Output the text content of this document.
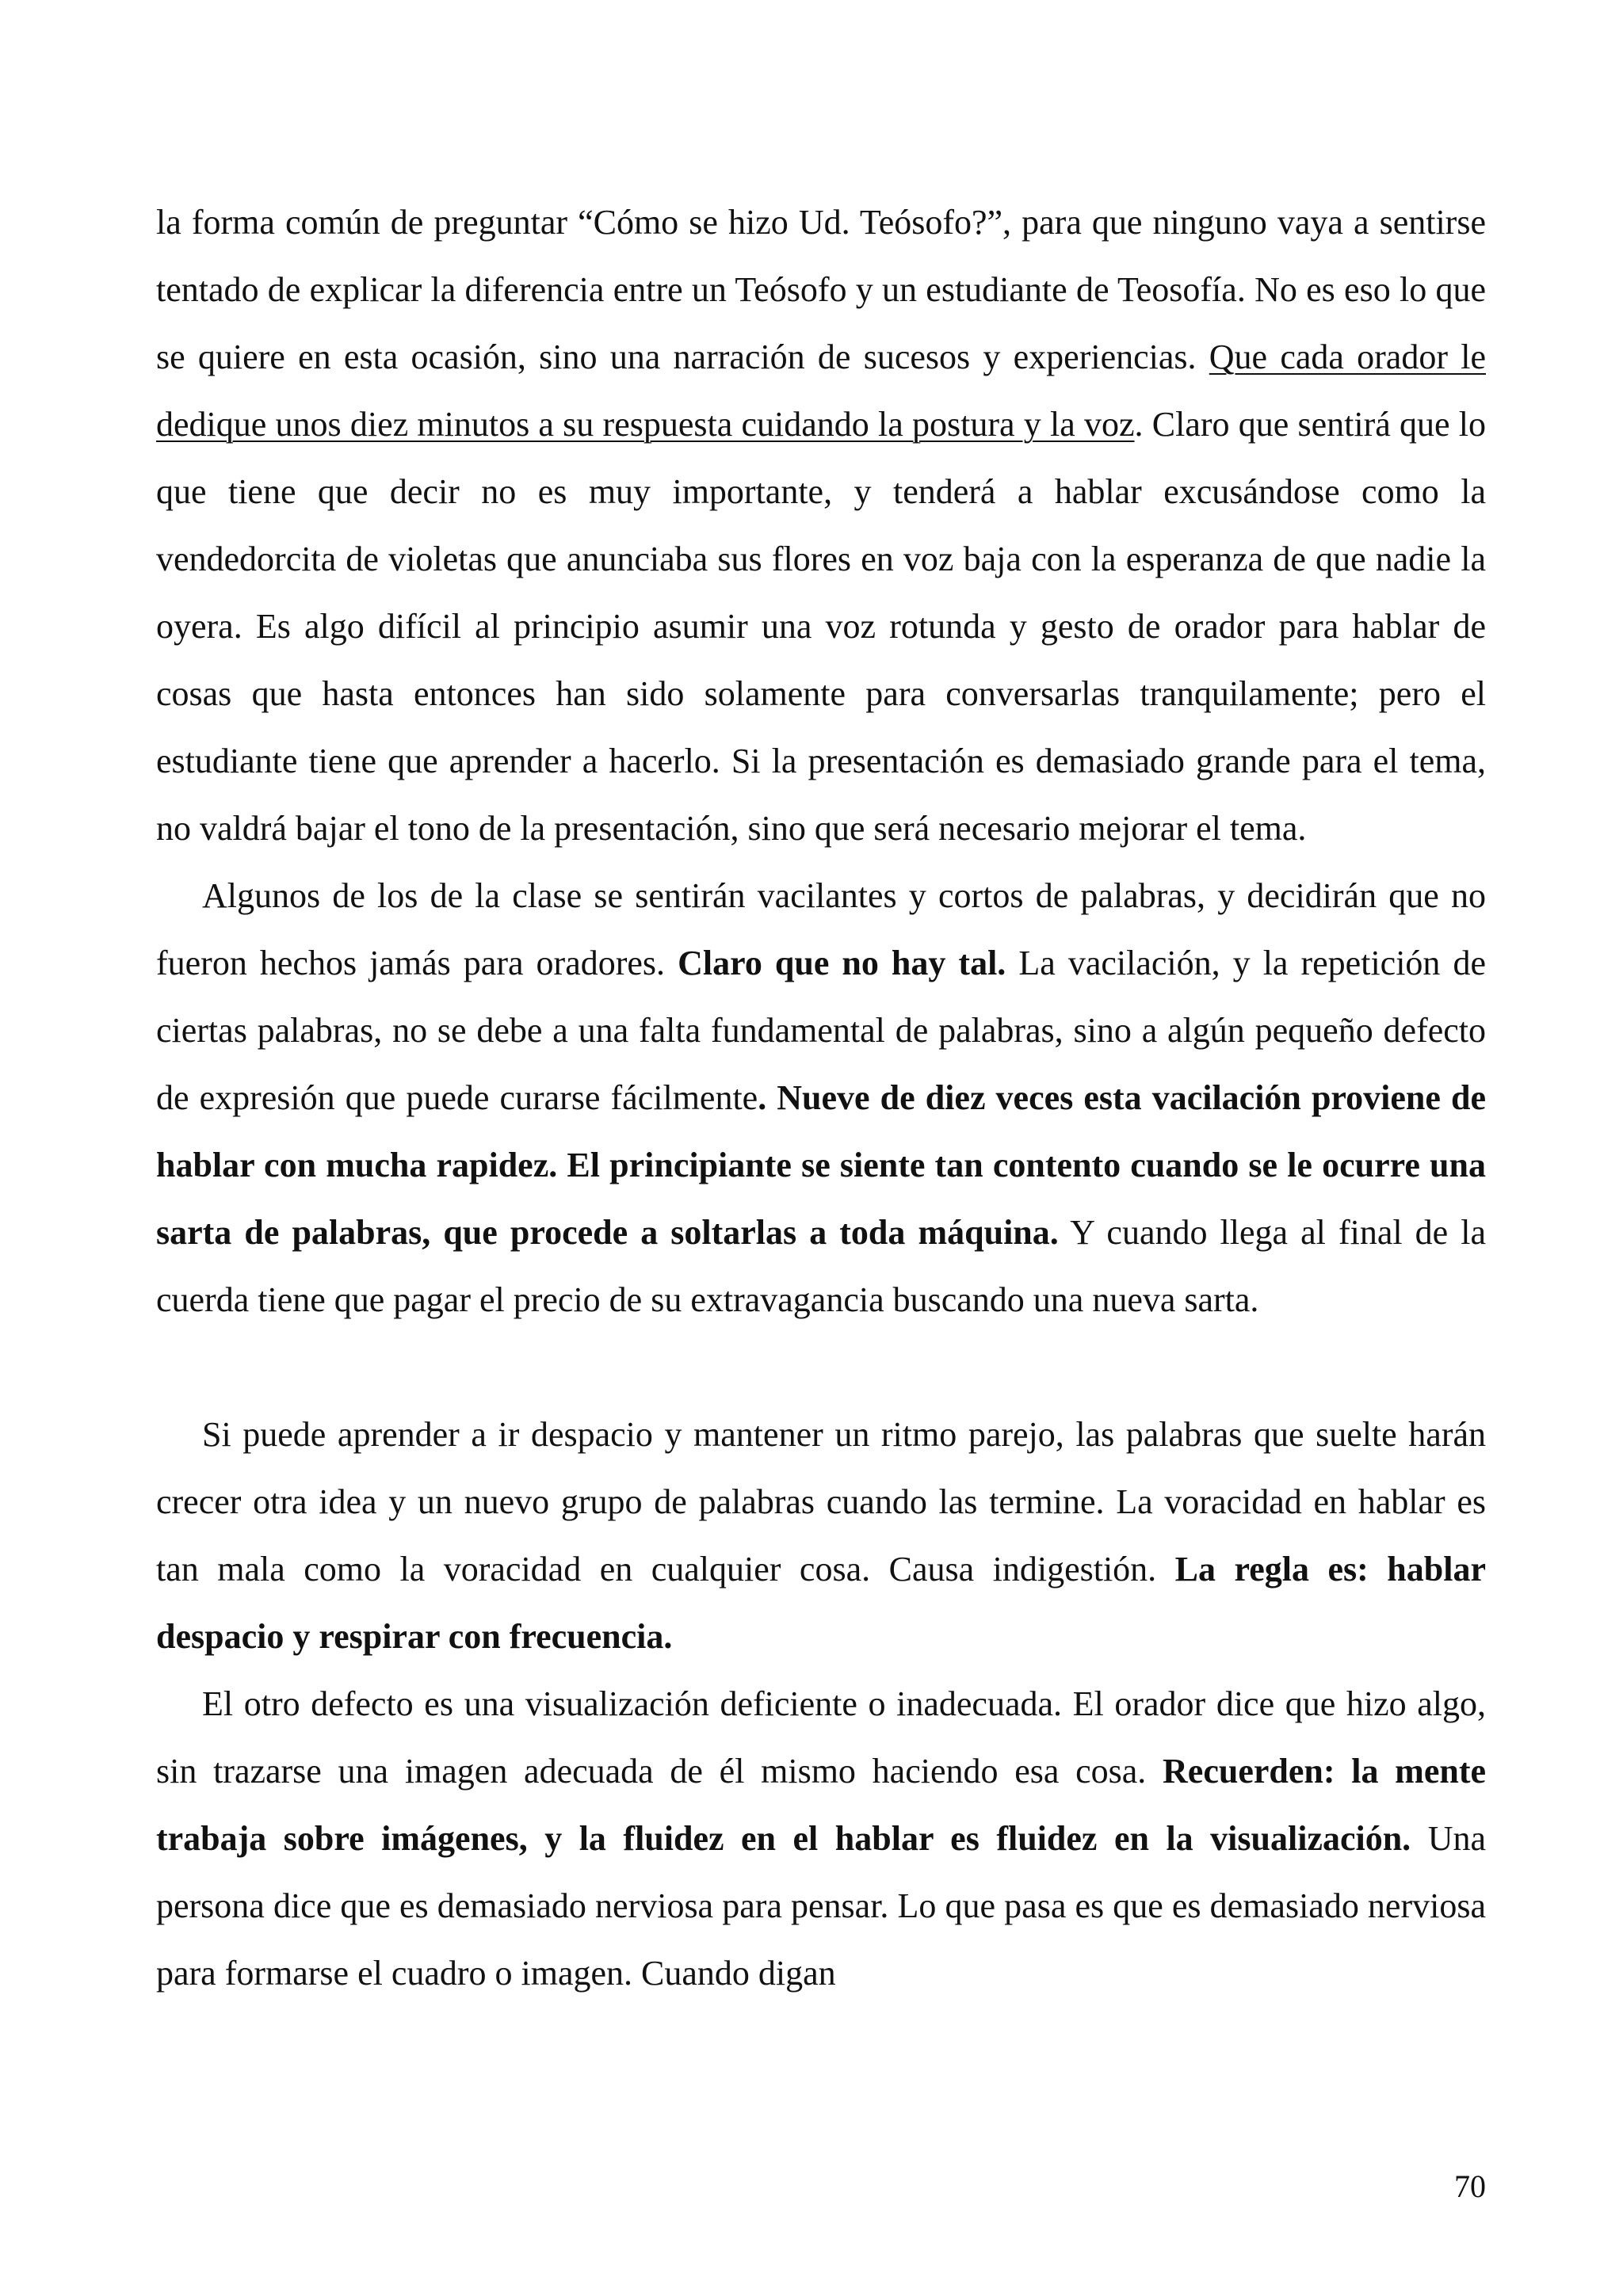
la forma común de preguntar “Cómo se hizo Ud. Teósofo?”, para que ninguno vaya a sentirse tentado de explicar la diferencia entre un Teósofo y un estudiante de Teosofía. No es eso lo que se quiere en esta ocasión, sino una narración de sucesos y experiencias. Que cada orador le dedique unos diez minutos a su respuesta cuidando la postura y la voz. Claro que sentirá que lo que tiene que decir no es muy importante, y tenderá a hablar excusándose como la vendedorcita de violetas que anunciaba sus flores en voz baja con la esperanza de que nadie la oyera. Es algo difícil al principio asumir una voz rotunda y gesto de orador para hablar de cosas que hasta entonces han sido solamente para conversarlas tranquilamente; pero el estudiante tiene que aprender a hacerlo. Si la presentación es demasiado grande para el tema, no valdrá bajar el tono de la presentación, sino que será necesario mejorar el tema.

Algunos de los de la clase se sentirán vacilantes y cortos de palabras, y decidirán que no fueron hechos jamás para oradores. Claro que no hay tal. La vacilación, y la repetición de ciertas palabras, no se debe a una falta fundamental de palabras, sino a algún pequeño defecto de expresión que puede curarse fácilmente. Nueve de diez veces esta vacilación proviene de hablar con mucha rapidez. El principiante se siente tan contento cuando se le ocurre una sarta de palabras, que procede a soltarlas a toda máquina. Y cuando llega al final de la cuerda tiene que pagar el precio de su extravagancia buscando una nueva sarta.

Si puede aprender a ir despacio y mantener un ritmo parejo, las palabras que suelte harán crecer otra idea y un nuevo grupo de palabras cuando las termine. La voracidad en hablar es tan mala como la voracidad en cualquier cosa. Causa indigestión. La regla es: hablar despacio y respirar con frecuencia.

El otro defecto es una visualización deficiente o inadecuada. El orador dice que hizo algo, sin trazarse una imagen adecuada de él mismo haciendo esa cosa. Recuerden: la mente trabaja sobre imágenes, y la fluidez en el hablar es fluidez en la visualización. Una persona dice que es demasiado nerviosa para pensar. Lo que pasa es que es demasiado nerviosa para formarse el cuadro o imagen. Cuando digan

70
